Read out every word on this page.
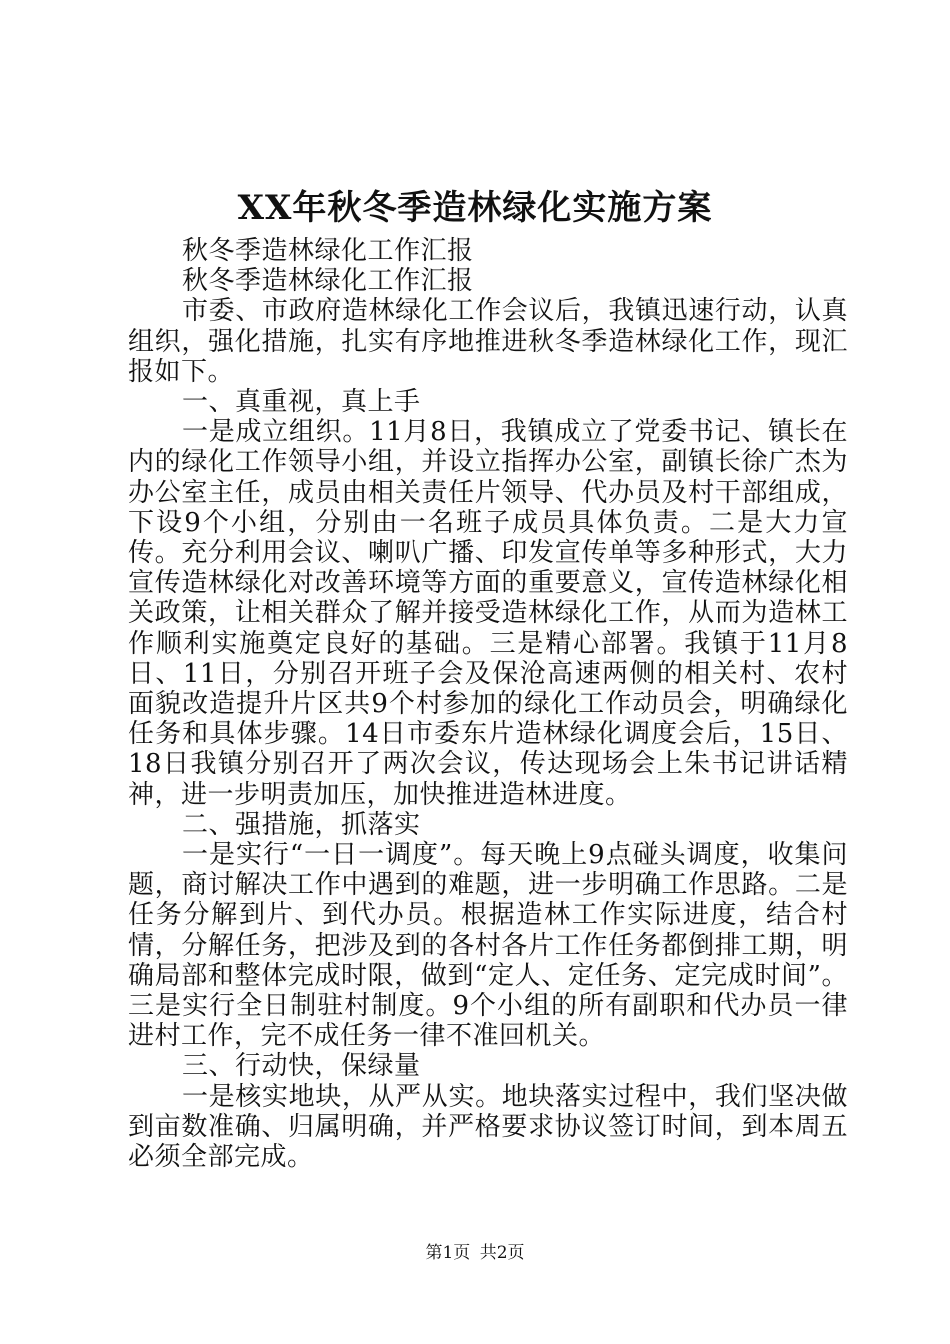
XX年秋冬季造林绿化实施方案

秋冬季造林绿化工作汇报

秋冬季造林绿化工作汇报

市委、市政府造林绿化工作会议后，我镇迅速行动，认真组织，强化措施，扎实有序地推进秋冬季造林绿化工作，现汇报如下。

一、真重视，真上手

一是成立组织。11月8日，我镇成立了党委书记、镇长在内的绿化工作领导小组，并设立指挥办公室，副镇长徐广杰为办公室主任，成员由相关责任片领导、代办员及村干部组成，下设9个小组，分别由一名班子成员具体负责。二是大力宣传。充分利用会议、喇叭广播、印发宣传单等多种形式，大力宣传造林绿化对改善环境等方面的重要意义，宣传造林绿化相关政策，让相关群众了解并接受造林绿化工作，从而为造林工作顺利实施奠定良好的基础。三是精心部署。我镇于11月8日、11日，分别召开班子会及保沧高速两侧的相关村、农村面貌改造提升片区共9个村参加的绿化工作动员会，明确绿化任务和具体步骤。14日市委东片造林绿化调度会后，15日、18日我镇分别召开了两次会议，传达现场会上朱书记讲话精神，进一步明责加压，加快推进造林进度。

二、强措施，抓落实

一是实行“一日一调度”。每天晚上9点碰头调度，收集问题，商讨解决工作中遇到的难题，进一步明确工作思路。二是任务分解到片、到代办员。根据造林工作实际进度，结合村情，分解任务，把涉及到的各村各片工作任务都倒排工期，明确局部和整体完成时限，做到“定人、定任务、定完成时间”。三是实行全日制驻村制度。9个小组的所有副职和代办员一律进村工作，完不成任务一律不准回机关。

三、行动快，保绿量

一是核实地块，从严从实。地块落实过程中，我们坚决做到亩数准确、归属明确，并严格要求协议签订时间，到本周五必须全部完成。

第1页 共2页
